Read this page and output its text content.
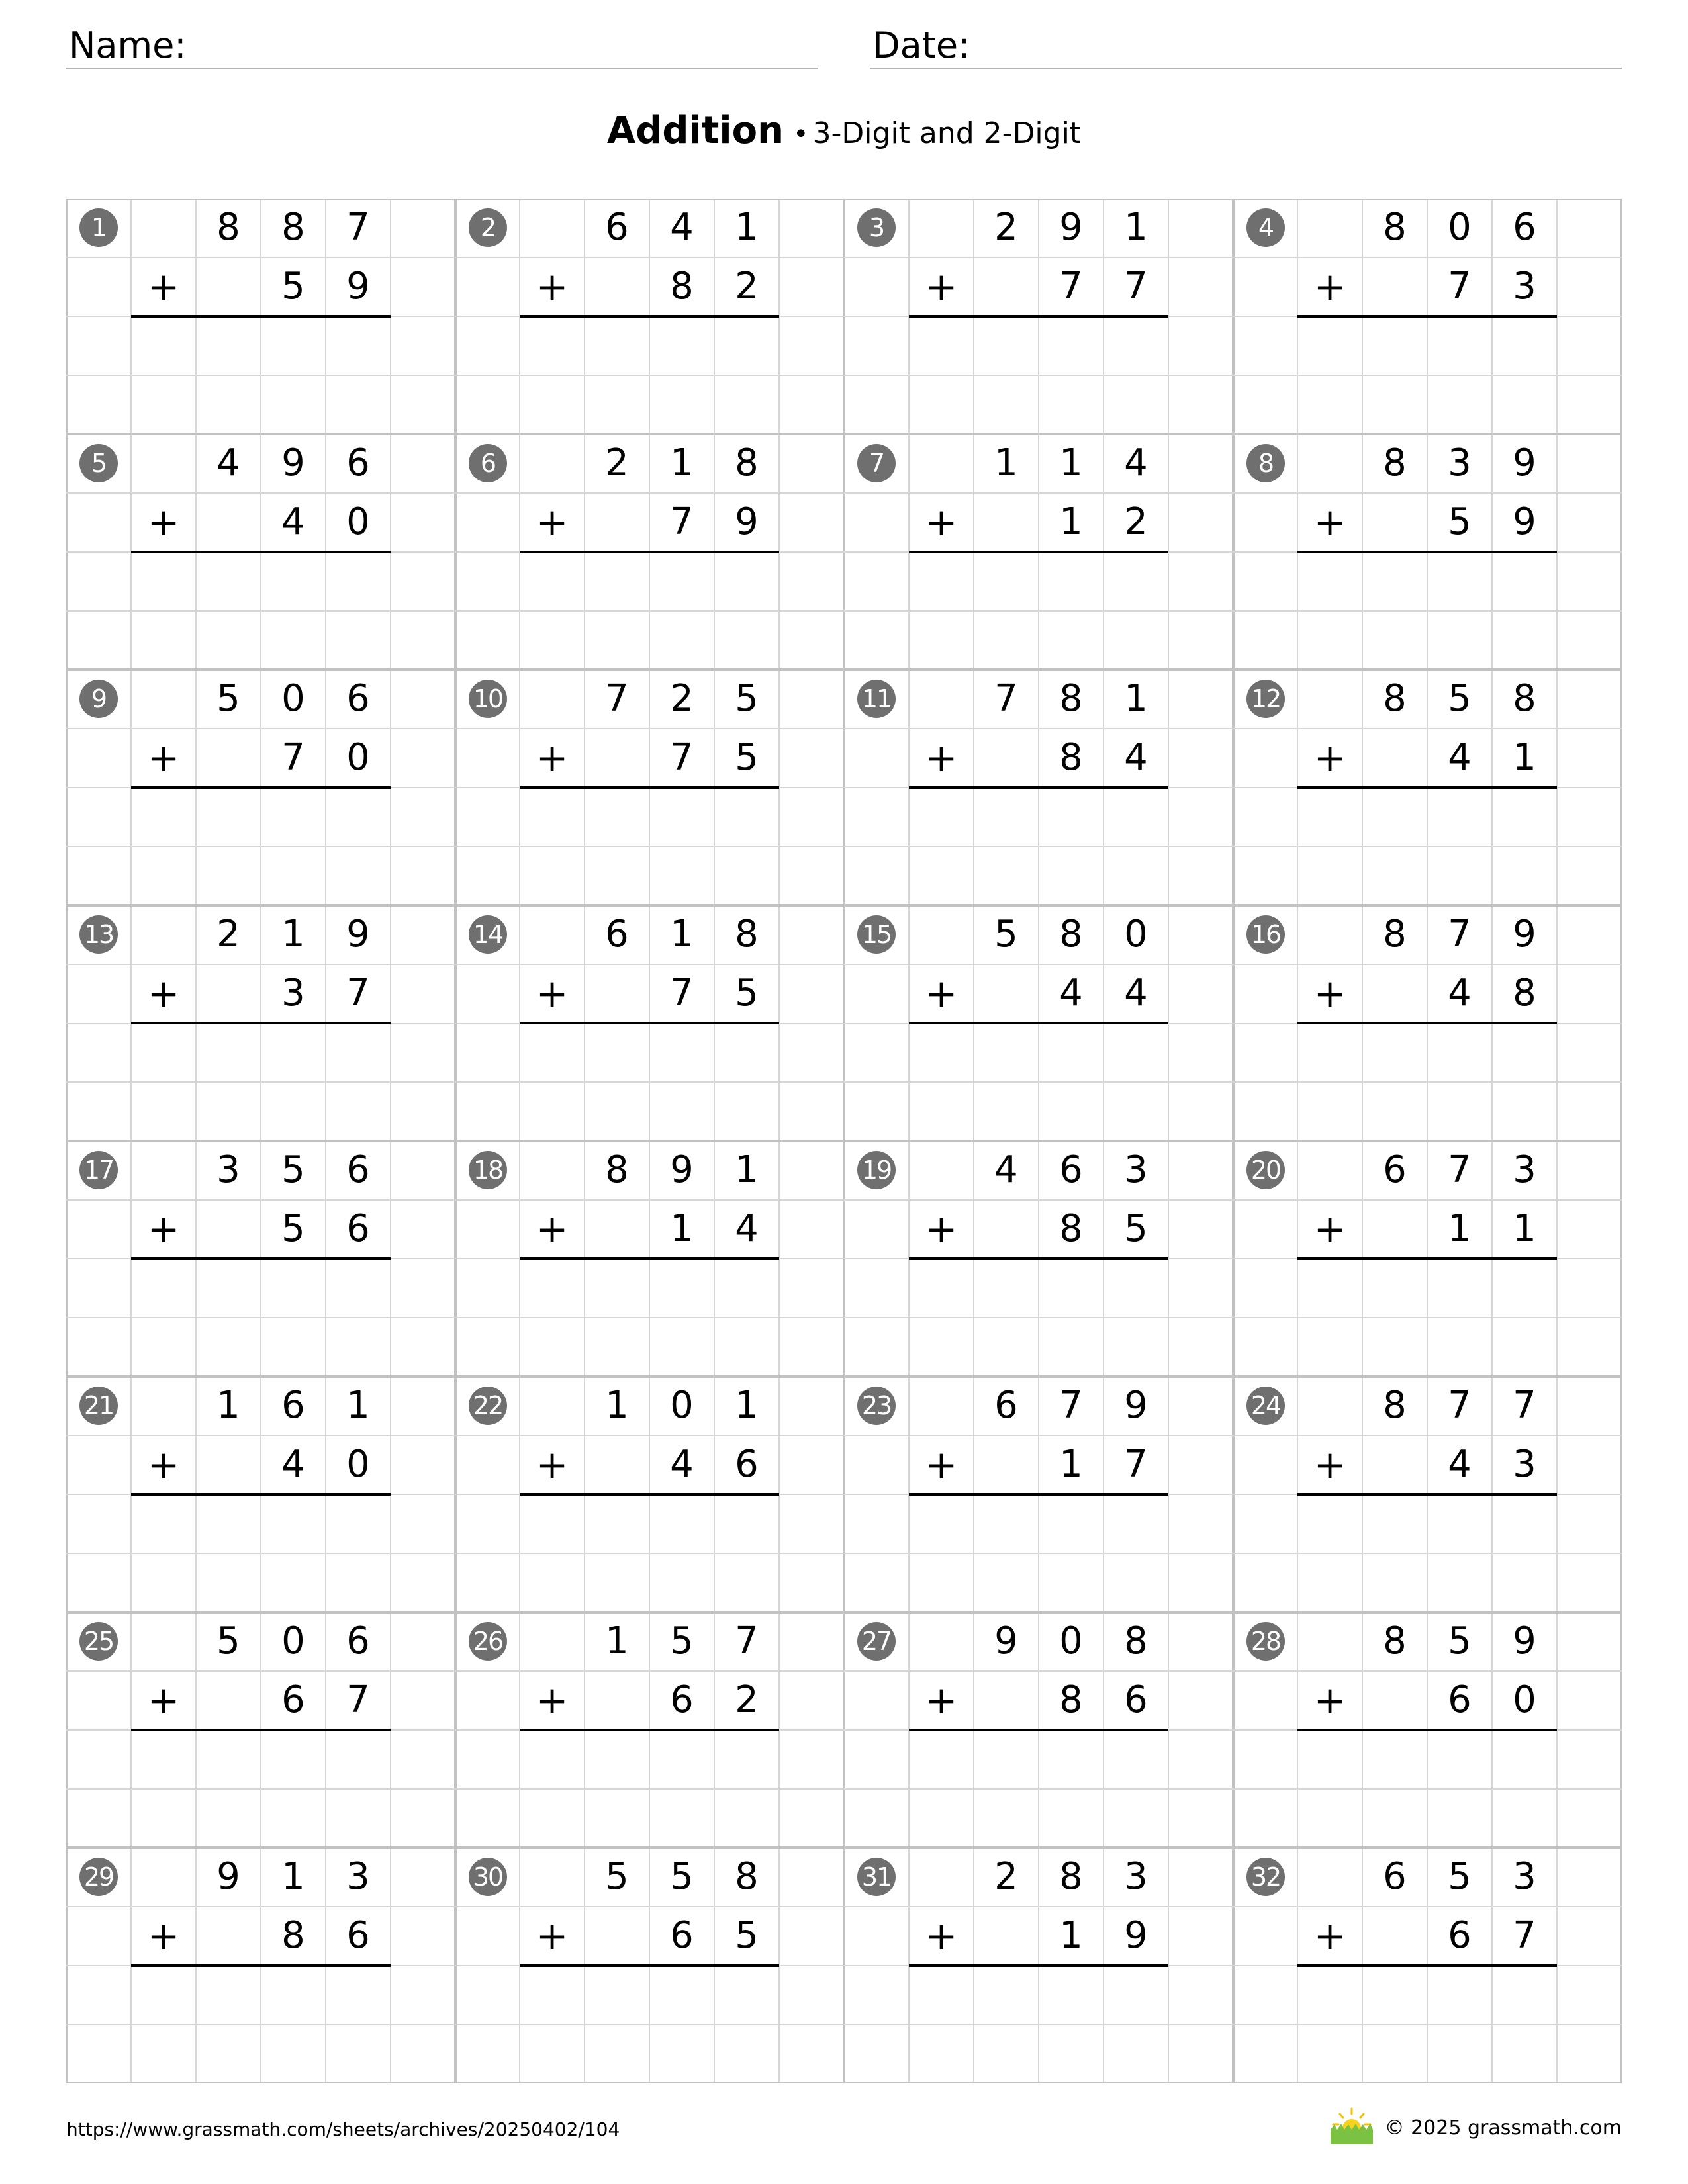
Name:	Date:
Addition • 3-Digit and 2-Digit
1	8	8	7
+	5	9
2	6	4	1
+	8	2
3	2	9	1
+	7	7
4	8	0	6
+	7	3
5	4	9	6
+	4	0
6	2	1	8
+	7	9
7	1	1	4
+	1	2
8	8	3	9
+	5	9
9	5	0	6
+	7	0
10	7	2	5
+	7	5
11	7	8	1
+	8	4
12	8	5	8
+	4	1
13	2	1	9
+	3	7
14	6	1	8
+	7	5
15	5	8	0
+	4	4
16	8	7	9
+	4	8
17	3	5	6
+	5	6
18	8	9	1
+	1	4
19	4	6	3
+	8	5
20	6	7	3
+	1	1
21	1	6	1
+	4	0
22	1	0	1
+	4	6
23	6	7	9
+	1	7
24	8	7	7
+	4	3
25	5	0	6
+	6	7
26	1	5	7
+	6	2
27	9	0	8
+	8	6
28	8	5	9
+	6	0
29	9	1	3
+	8	6
30	5	5	8
+	6	5
31	2	8	3
+	1	9
32	6	5	3
+	6	7
https://www.grassmath.com/sheets/archives/20250402/104	© 2025 grassmath.com
